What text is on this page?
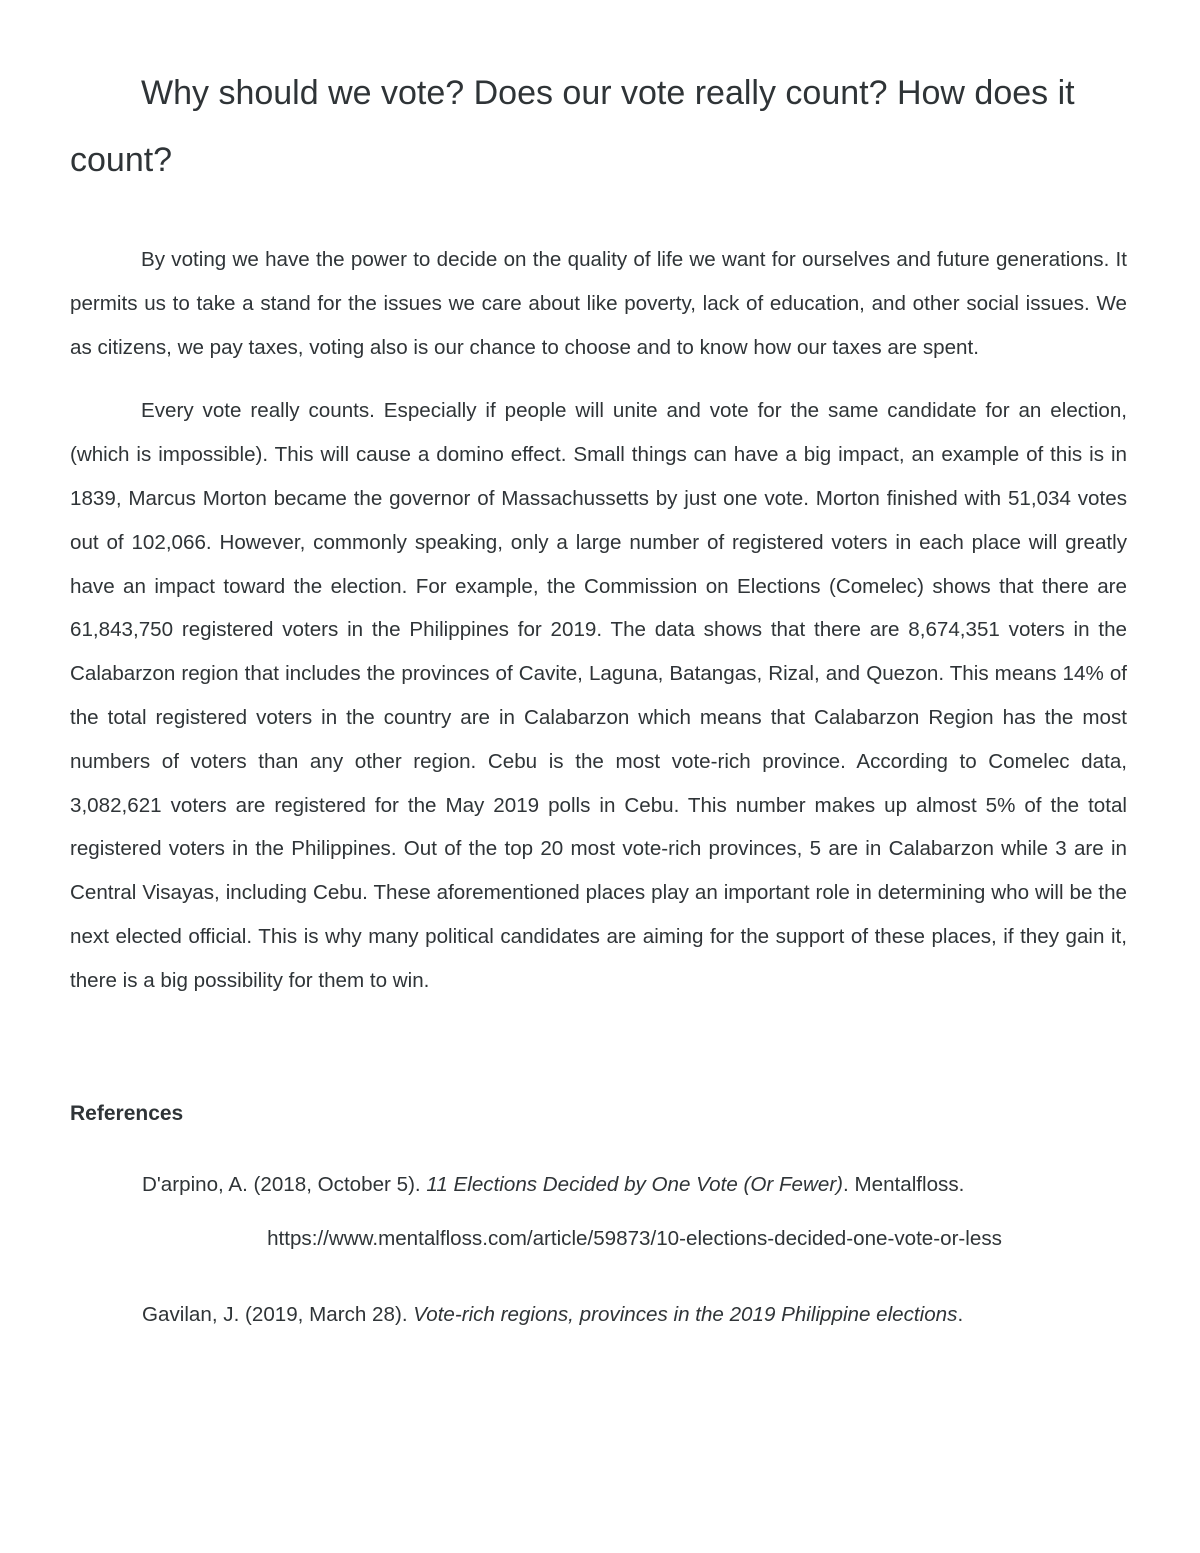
Why should we vote? Does our vote really count? How does it count?

By voting we have the power to decide on the quality of life we want for ourselves and future generations. It permits us to take a stand for the issues we care about like poverty, lack of education, and other social issues. We as citizens, we pay taxes, voting also is our chance to choose and to know how our taxes are spent.

Every vote really counts. Especially if people will unite and vote for the same candidate for an election, (which is impossible). This will cause a domino effect. Small things can have a big impact, an example of this is in 1839, Marcus Morton became the governor of Massachussetts by just one vote. Morton finished with 51,034 votes out of 102,066. However, commonly speaking, only a large number of registered voters in each place will greatly have an impact toward the election. For example, the Commission on Elections (Comelec) shows that there are 61,843,750 registered voters in the Philippines for 2019. The data shows that there are 8,674,351 voters in the Calabarzon region that includes the provinces of Cavite, Laguna, Batangas, Rizal, and Quezon. This means 14% of the total registered voters in the country are in Calabarzon which means that Calabarzon Region has the most numbers of voters than any other region. Cebu is the most vote-rich province. According to Comelec data, 3,082,621 voters are registered for the May 2019 polls in Cebu. This number makes up almost 5% of the total registered voters in the Philippines. Out of the top 20 most vote-rich provinces, 5 are in Calabarzon while 3 are in Central Visayas, including Cebu. These aforementioned places play an important role in determining who will be the next elected official. This is why many political candidates are aiming for the support of these places, if they gain it, there is a big possibility for them to win.

References

D'arpino, A. (2018, October 5). 11 Elections Decided by One Vote (Or Fewer). Mentalfloss.
https://www.mentalfloss.com/article/59873/10-elections-decided-one-vote-or-less

Gavilan, J. (2019, March 28). Vote-rich regions, provinces in the 2019 Philippine elections.
